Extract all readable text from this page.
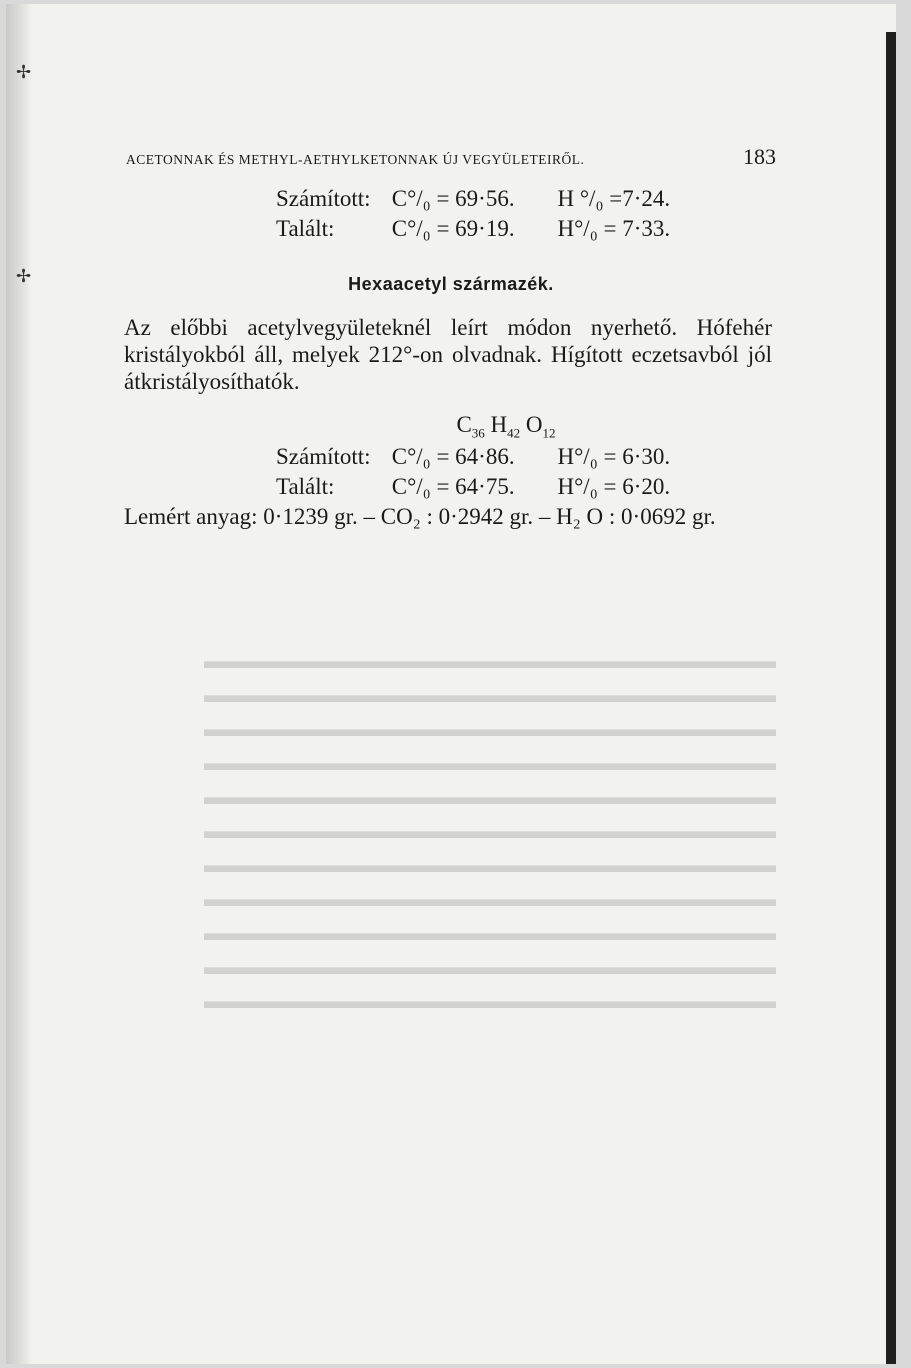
✢
✢
▬▬▬▬▬▬▬▬▬▬▬▬▬▬▬▬▬▬▬▬▬▬▬▬▬▬
▬▬▬▬▬▬▬▬▬▬▬▬▬▬▬▬▬▬▬▬▬▬▬▬▬▬
▬▬▬▬▬▬▬▬▬▬▬▬▬▬▬▬▬▬▬▬▬▬▬▬▬▬
▬▬▬▬▬▬▬▬▬▬▬▬▬▬▬▬▬▬▬▬▬▬▬▬▬▬
▬▬▬▬▬▬▬▬▬▬▬▬▬▬▬▬▬▬▬▬▬▬▬▬▬▬
▬▬▬▬▬▬▬▬▬▬▬▬▬▬▬▬▬▬▬▬▬▬▬▬▬▬
▬▬▬▬▬▬▬▬▬▬▬▬▬▬▬▬▬▬▬▬▬▬▬▬▬▬
▬▬▬▬▬▬▬▬▬▬▬▬▬▬▬▬▬▬▬▬▬▬▬▬▬▬
▬▬▬▬▬▬▬▬▬▬▬▬▬▬▬▬▬▬▬▬▬▬▬▬▬▬
▬▬▬▬▬▬▬▬▬▬▬▬▬▬▬▬▬▬▬▬▬▬▬▬▬▬
▬▬▬▬▬▬▬▬▬▬▬▬▬▬▬▬▬▬▬▬▬▬▬▬▬▬
ACETONNAK ÉS METHYL-AETHYLKETONNAK ÚJ VEGYÜLETEIRŐL.	183
Számított: C°/₀ = 69·56. H °/₀ =7·24.
Talált: C°/₀ = 69·19. H°/₀ = 7·33.
Hexaacetyl származék.
Az előbbi acetylvegyületeknél leírt módon nyerhető. Hófehér kristályokból áll, melyek 212°-on olvadnak. Hígított eczetsavból jól átkristályosíthatók.
$C_{36}$ $H_{42}$ $O_{12}$
Számított: C°/₀ = 64·86. H°/₀ = 6·30.
Talált: C°/₀ = 64·75. H°/₀ = 6·20.
Lemért anyag: 0·1239 gr. – CO₂ : 0·2942 gr. – H₂ O : 0·0692 gr.
